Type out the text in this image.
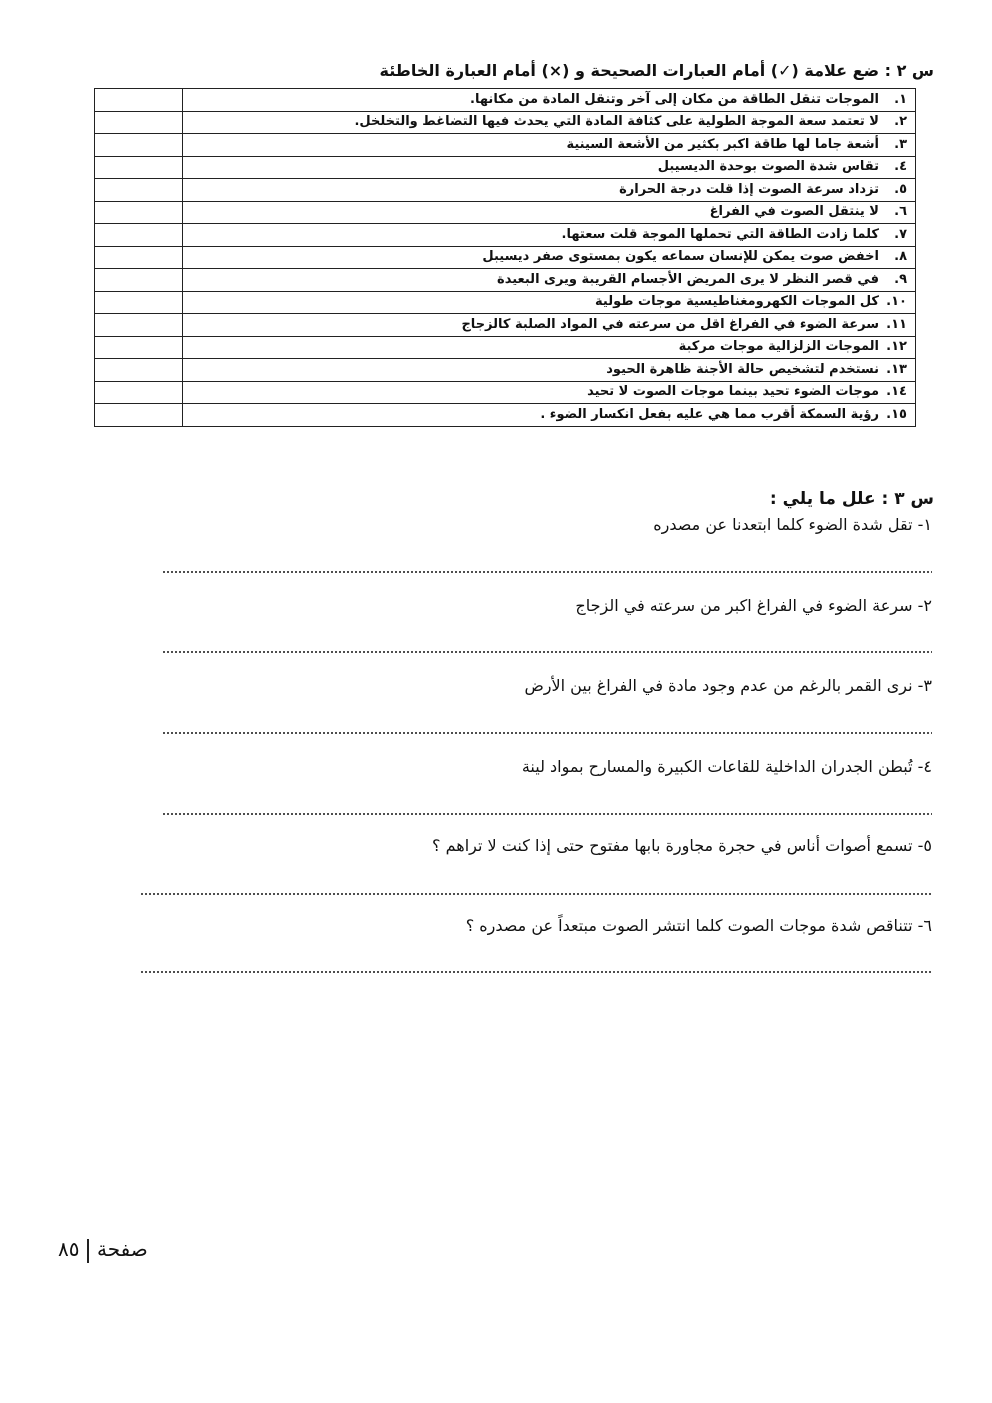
س ٢ : ضع علامة (✓) أمام العبارات الصحيحة و (×) أمام العبارة الخاطئة
١.الموجات تنقل الطاقة من مكان إلى آخر وتنقل المادة من مكانها.	
٢.لا تعتمد سعة الموجة الطولية على كثافة المادة التي يحدث فيها التضاغط والتخلخل.	
٣.أشعة جاما لها طاقة اكبر بكثير من الأشعة السينية	
٤.تقاس شدة الصوت بوحدة الديسيبل	
٥.تزداد سرعة الصوت إذا قلت درجة الحرارة	
٦.لا ينتقل الصوت في الفراغ	
٧.كلما زادت الطاقة التي تحملها الموجة قلت سعتها.	
٨.اخفض صوت يمكن للإنسان سماعه يكون بمستوى صفر ديسيبل	
٩.في قصر النظر لا يرى المريض الأجسام القريبة ويرى البعيدة	
١٠.كل الموجات الكهرومغناطيسية موجات طولية	
١١.سرعة الضوء في الفراغ اقل من سرعته في المواد الصلبة كالزجاج	
١٢.الموجات الزلزالية موجات مركبة	
١٣.نستخدم لتشخيص حالة الأجنة ظاهرة الحيود	
١٤.موجات الضوء تحيد بينما موجات الصوت لا تحيد	
١٥.رؤية السمكة أقرب مما هي عليه بفعل انكسار الضوء .	
س ٣ : علل ما يلي :
١- تقل شدة الضوء كلما ابتعدنا عن مصدره
٢- سرعة الضوء في الفراغ اكبر من سرعته في الزجاج
٣- نرى القمر بالرغم من عدم وجود مادة في الفراغ بين الأرض
٤- تُبطن الجدران الداخلية للقاعات الكبيرة والمسارح بمواد لينة
٥- تسمع أصوات أناس في حجرة مجاورة بابها مفتوح حتى إذا كنت لا تراهم ؟
٦- تتناقص شدة موجات الصوت كلما انتشر الصوت مبتعداً عن مصدره ؟
صفحة٨٥
